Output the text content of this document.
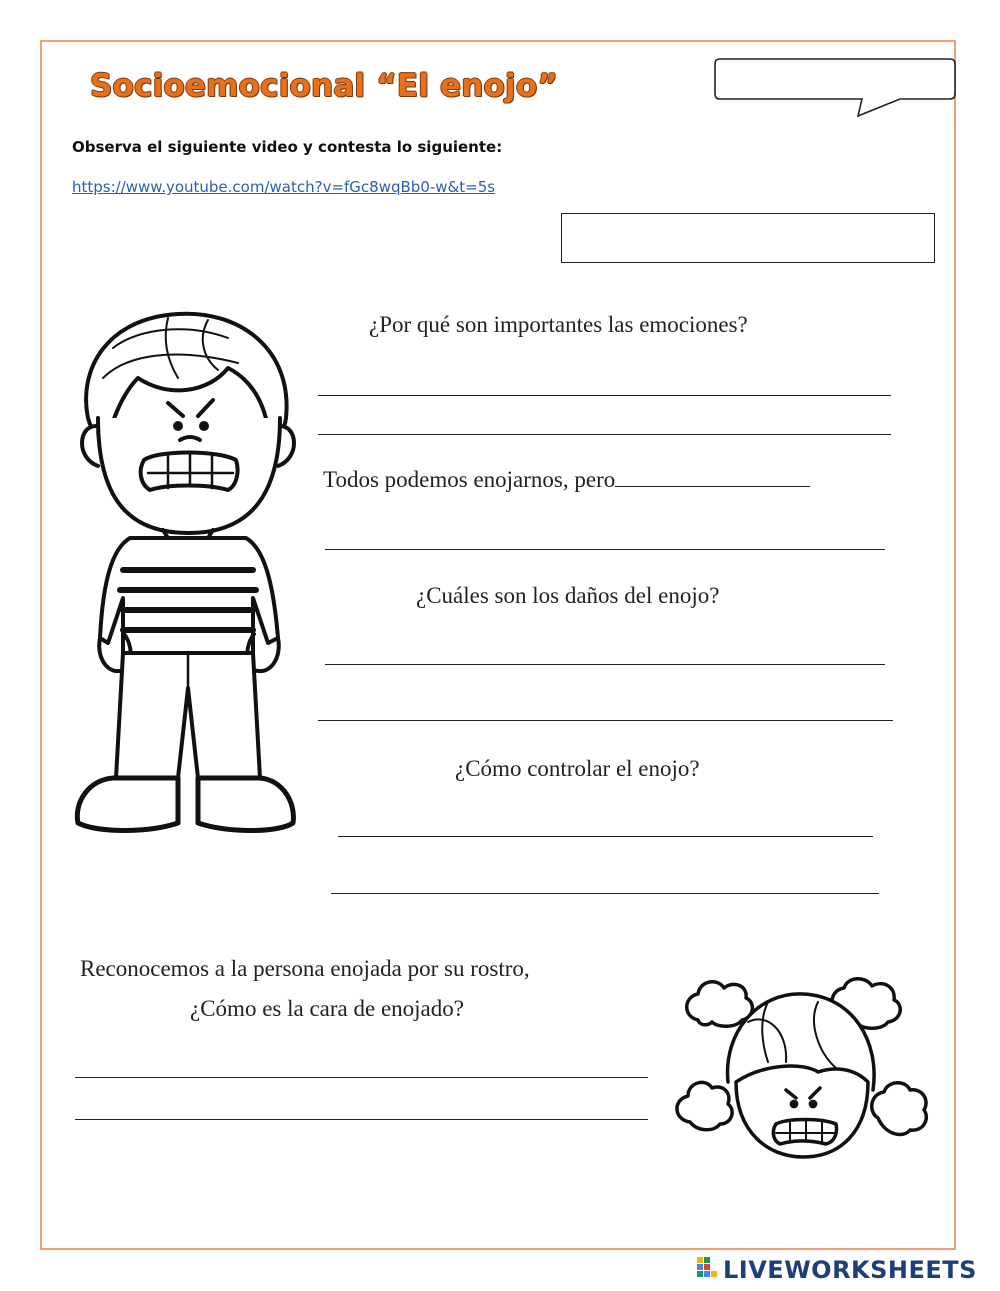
Socioemocional “El enojo”
Observa el siguiente video y contesta lo siguiente:
https://www.youtube.com/watch?v=fGc8wqBb0-w&t=5s
¿Por qué son importantes las emociones?
Todos podemos enojarnos, pero
¿Cuáles son los daños del enojo?
¿Cómo controlar el enojo?
Reconocemos a la persona enojada por su rostro,
¿Cómo es la cara de enojado?
LIVEWORKSHEETS
